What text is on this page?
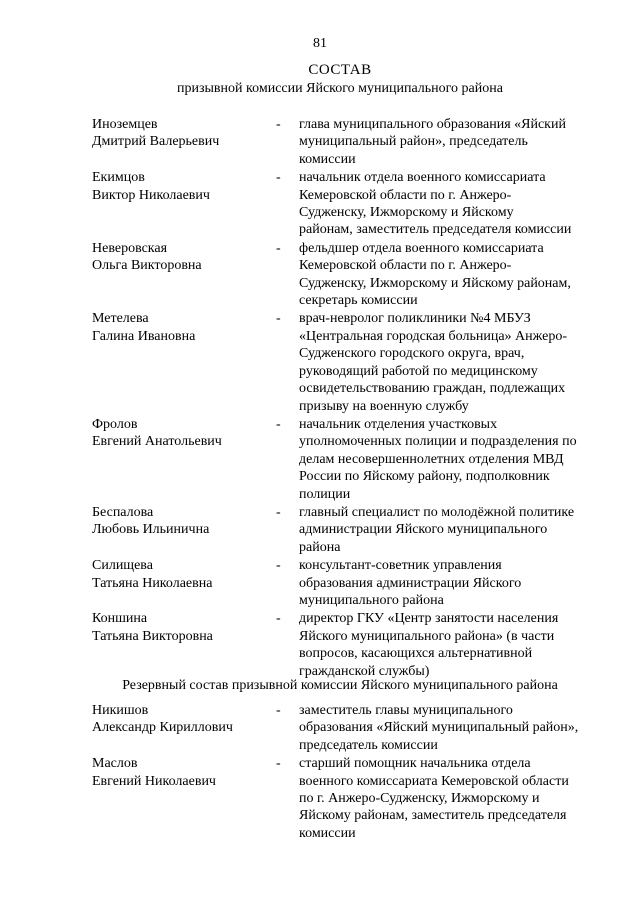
81
СОСТАВ
призывной комиссии Яйского муниципального района
Иноземцев
Дмитрий Валерьевич
- глава муниципального образования «Яйский
муниципальный район», председатель
комиссии
Екимцов
Виктор Николаевич
- начальник отдела военного комиссариата
Кемеровской области по г. Анжеро-
Судженску, Ижморскому и Яйскому
районам, заместитель председателя комиссии
Неверовская
Ольга Викторовна
- фельдшер отдела военного комиссариата
Кемеровской области по г. Анжеро-
Судженску, Ижморскому и Яйскому районам,
секретарь комиссии
Метелева
Галина Ивановна
- врач-невролог поликлиники №4 МБУЗ
«Центральная городская больница» Анжеро-
Судженского городского округа, врач,
руководящий работой по медицинскому
освидетельствованию граждан, подлежащих
призыву на военную службу
Фролов
Евгений Анатольевич
- начальник отделения участковых
уполномоченных полиции и подразделения по
делам несовершеннолетних отделения МВД
России по Яйскому району, подполковник
полиции
Беспалова
Любовь Ильинична
- главный специалист по молодёжной политике
администрации Яйского муниципального
района
Силищева
Татьяна Николаевна
- консультант-советник управления
образования администрации Яйского
муниципального района
Коншина
Татьяна Викторовна
- директор ГКУ «Центр занятости населения
Яйского муниципального района» (в части
вопросов, касающихся альтернативной
гражданской службы)
Резервный состав призывной комиссии Яйского муниципального района
Никишов
Александр Кириллович
- заместитель главы муниципального
образования «Яйский муниципальный район»,
председатель комиссии
Маслов
Евгений Николаевич
- старший помощник начальника отдела
военного комиссариата Кемеровской области
по г. Анжеро-Судженску, Ижморскому и
Яйскому районам, заместитель председателя
комиссии
